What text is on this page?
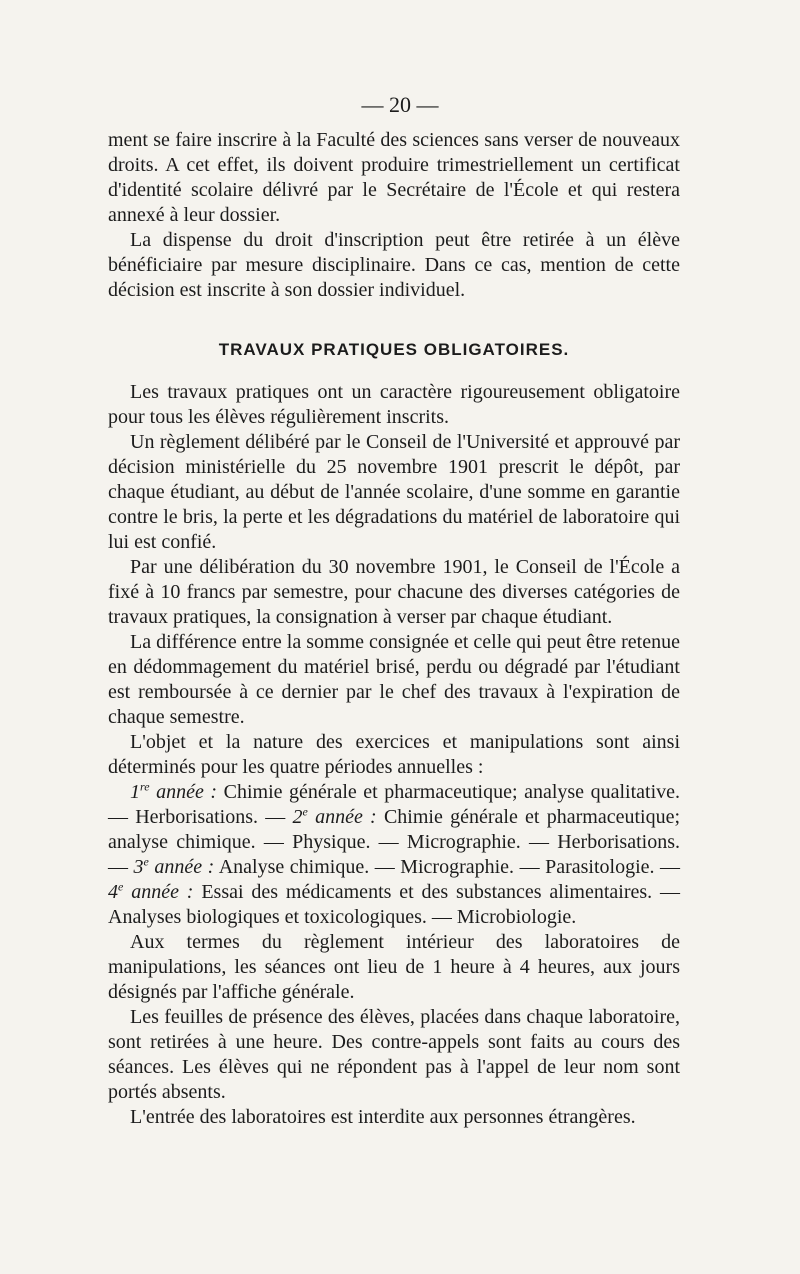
— 20 —

ment se faire inscrire à la Faculté des sciences sans verser de nouveaux droits. A cet effet, ils doivent produire trimestriellement un certificat d'identité scolaire délivré par le Secrétaire de l'École et qui restera annexé à leur dossier.

La dispense du droit d'inscription peut être retirée à un élève bénéficiaire par mesure disciplinaire. Dans ce cas, mention de cette décision est inscrite à son dossier individuel.

TRAVAUX PRATIQUES OBLIGATOIRES.

Les travaux pratiques ont un caractère rigoureusement obligatoire pour tous les élèves régulièrement inscrits.

Un règlement délibéré par le Conseil de l'Université et approuvé par décision ministérielle du 25 novembre 1901 prescrit le dépôt, par chaque étudiant, au début de l'année scolaire, d'une somme en garantie contre le bris, la perte et les dégradations du matériel de laboratoire qui lui est confié.

Par une délibération du 30 novembre 1901, le Conseil de l'École a fixé à 10 francs par semestre, pour chacune des diverses catégories de travaux pratiques, la consignation à verser par chaque étudiant.

La différence entre la somme consignée et celle qui peut être retenue en dédommagement du matériel brisé, perdu ou dégradé par l'étudiant est remboursée à ce dernier par le chef des travaux à l'expiration de chaque semestre.

L'objet et la nature des exercices et manipulations sont ainsi déterminés pour les quatre périodes annuelles :

1re année : Chimie générale et pharmaceutique; analyse qualitative. — Herborisations. — 2e année : Chimie générale et pharmaceutique; analyse chimique. — Physique. — Micrographie. — Herborisations. — 3e année : Analyse chimique. — Micrographie. — Parasitologie. — 4e année : Essai des médicaments et des substances alimentaires. — Analyses biologiques et toxicologiques. — Microbiologie.

Aux termes du règlement intérieur des laboratoires de manipulations, les séances ont lieu de 1 heure à 4 heures, aux jours désignés par l'affiche générale.

Les feuilles de présence des élèves, placées dans chaque laboratoire, sont retirées à une heure. Des contre-appels sont faits au cours des séances. Les élèves qui ne répondent pas à l'appel de leur nom sont portés absents.

L'entrée des laboratoires est interdite aux personnes étrangères.
